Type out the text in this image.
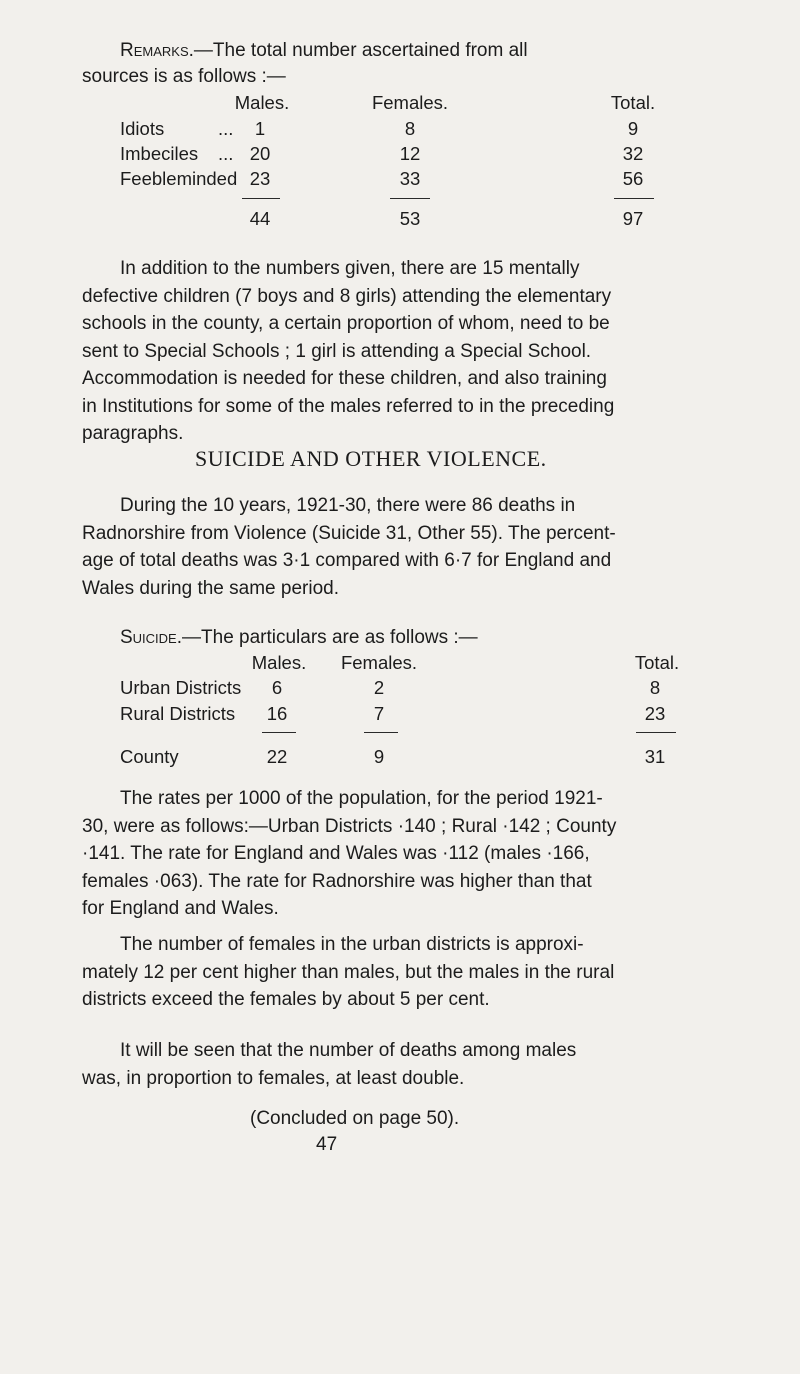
Remarks.—The total number ascertained from all
sources is as follows :—
Males.	Females.	Total.
Idiots	...	1	8	9
Imbeciles ... 20	12	32
Feebleminded 23	33	56
44	53	97

In addition to the numbers given, there are 15 mentally

defective children (7 boys and 8 girls) attending the elementary

schools in the county, a certain proportion of whom, need to be

sent to Special Schools ; 1 girl is attending a Special School.

Accommodation is needed for these children, and also training

in Institutions for some of the males referred to in the preceding

paragraphs.

SUICIDE AND OTHER VIOLENCE.

During the 10 years, 1921-30, there were 86 deaths in

Radnorshire from Violence (Suicide 31, Other 55). The percent-

age of total deaths was 3·1 compared with 6·7 for England and

Wales during the same period.

Suicide.—The particulars are as follows :—
Males.	Females.	Total.
Urban Districts	6	2	8
Rural Districts	16	7	23
County	22	9	31

The rates per 1000 of the population, for the period 1921-

30, were as follows:—Urban Districts ·140 ; Rural ·142 ; County

·141. The rate for England and Wales was ·112 (males ·166,

females ·063). The rate for Radnorshire was higher than that

for England and Wales.

The number of females in the urban districts is approxi-

mately 12 per cent higher than males, but the males in the rural

districts exceed the females by about 5 per cent.

It will be seen that the number of deaths among males

was, in proportion to females, at least double.

(Concluded on page 50).
47
